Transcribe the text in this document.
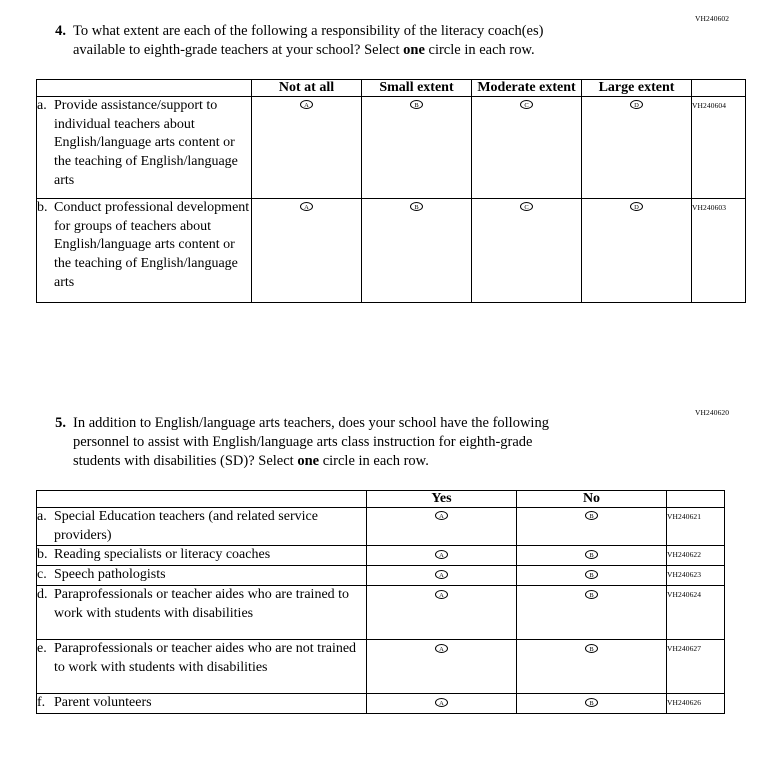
VH240602
4. To what extent are each of the following a responsibility of the literacy coach(es)
available to eighth-grade teachers at your school? Select one circle in each row.
	Not at all	Small extent	Moderate extent	Large extent	

a. Provide assistance/support to individual teachers about English/language arts content or the teaching of English/language arts	A	B	C	D	VH240604

b. Conduct professional development for groups of teachers about English/language arts content or the teaching of English/language arts	A	B	C	D	VH240603
VH240620
5. In addition to English/language arts teachers, does your school have the following
personnel to assist with English/language arts class instruction for eighth-grade
students with disabilities (SD)? Select one circle in each row.
	Yes	No	

a. Special Education teachers (and related service providers)	A	B	VH240621

b. Reading specialists or literacy coaches	A	B	VH240622

c. Speech pathologists	A	B	VH240623

d. Paraprofessionals or teacher aides who are trained to work with students with disabilities	A	B	VH240624

e. Paraprofessionals or teacher aides who are not trained to work with students with disabilities	A	B	VH240627

f. Parent volunteers	A	B	VH240626
